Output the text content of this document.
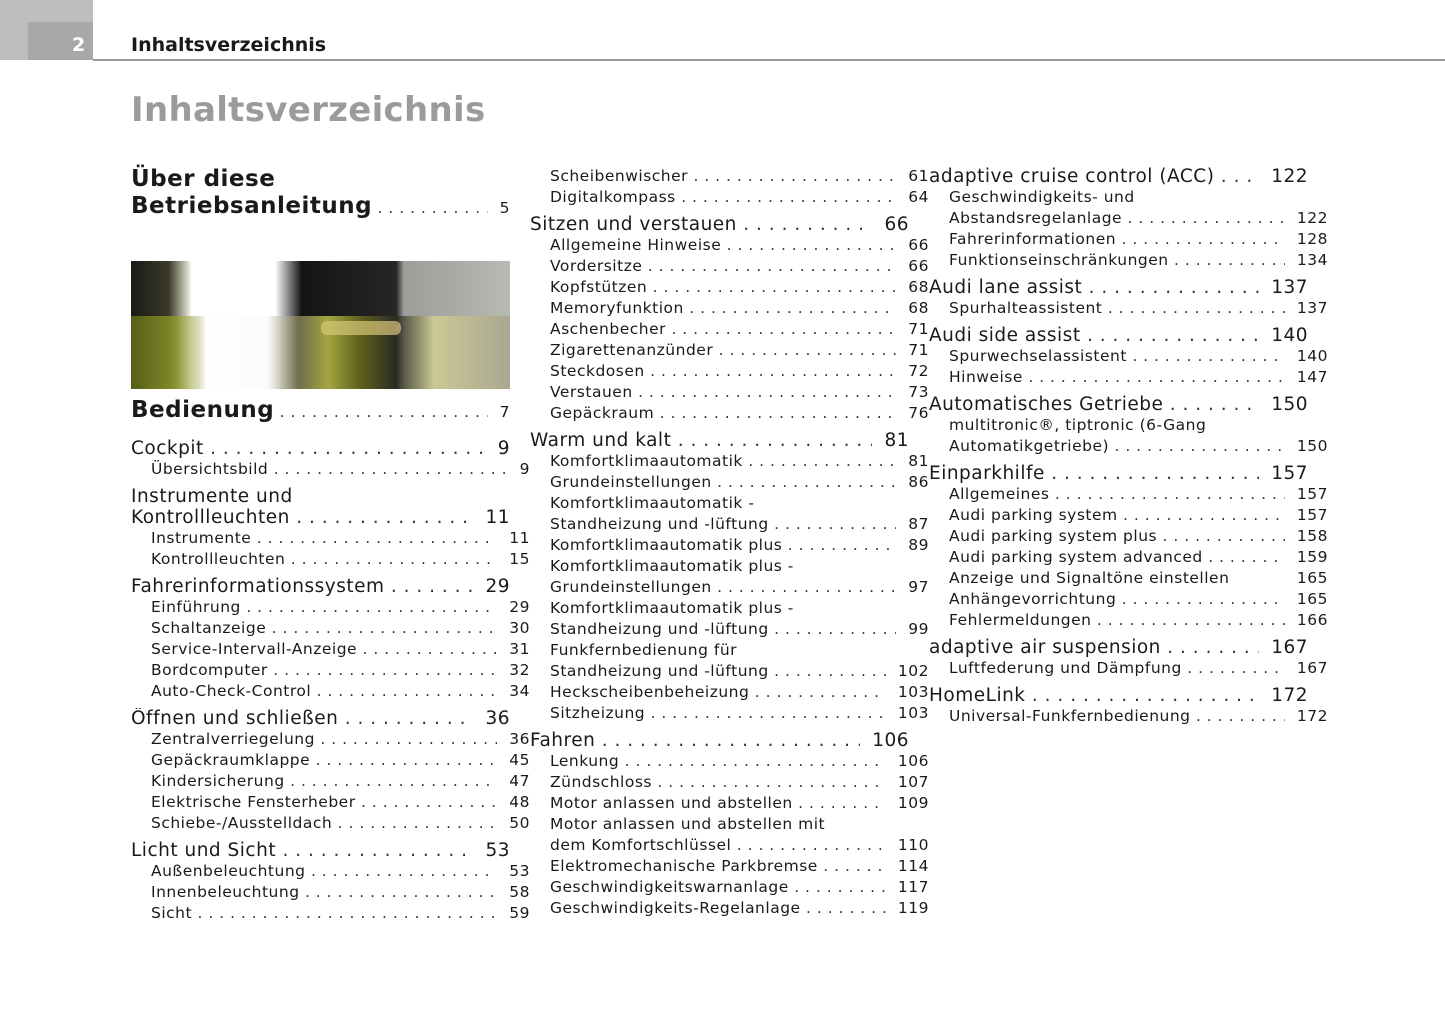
2 Inhaltsverzeichnis
Inhaltsverzeichnis
Über diese
Betriebsanleitung . . .	5
Bedienung . . .	7
Cockpit . . .	9
Übersichtsbild . . .	9
Instrumente und
Kontrollleuchten . . .	11
Instrumente . . .	11
Kontrollleuchten . . .	15
Fahrerinformationssystem . . .	29
Einführung . . .	29
Schaltanzeige . . .	30
Service-Intervall-Anzeige . . .	31
Bordcomputer . . .	32
Auto-Check-Control . . .	34
Öffnen und schließen . . .	36
Zentralverriegelung . . .	36
Gepäckraumklappe . . .	45
Kindersicherung . . .	47
Elektrische Fensterheber . . .	48
Schiebe-/Ausstelldach . . .	50
Licht und Sicht . . .	53
Außenbeleuchtung . . .	53
Innenbeleuchtung . . .	58
Sicht . . .	59
Scheibenwischer . . .	61
Digitalkompass . . .	64
Sitzen und verstauen . . .	66
Allgemeine Hinweise . . .	66
Vordersitze . . .	66
Kopfstützen . . .	68
Memoryfunktion . . .	68
Aschenbecher . . .	71
Zigarettenanzünder . . .	71
Steckdosen . . .	72
Verstauen . . .	73
Gepäckraum . . .	76
Warm und kalt . . .	81
Komfortklimaautomatik . . .	81
Grundeinstellungen . . .	86
Komfortklimaautomatik -
Standheizung und -lüftung . . .	87
Komfortklimaautomatik plus . . .	89
Komfortklimaautomatik plus -
Grundeinstellungen . . .	97
Komfortklimaautomatik plus -
Standheizung und -lüftung . . .	99
Funkfernbedienung für
Standheizung und -lüftung . . .	102
Heckscheibenbeheizung . . .	103
Sitzheizung . . .	103
Fahren . . .	106
Lenkung . . .	106
Zündschloss . . .	107
Motor anlassen und abstellen . . .	109
Motor anlassen und abstellen mit
dem Komfortschlüssel . . .	110
Elektromechanische Parkbremse . . .	114
Geschwindigkeitswarnanlage . . .	117
Geschwindigkeits-Regelanlage . . .	119
adaptive cruise control (ACC) . . .	122
Geschwindigkeits- und
Abstandsregelanlage . . .	122
Fahrerinformationen . . .	128
Funktionseinschränkungen . . .	134
Audi lane assist . . .	137
Spurhalteassistent . . .	137
Audi side assist . . .	140
Spurwechselassistent . . .	140
Hinweise . . .	147
Automatisches Getriebe . . .	150
multitronic®, tiptronic (6-Gang
Automatikgetriebe) . . .	150
Einparkhilfe . . .	157
Allgemeines . . .	157
Audi parking system . . .	157
Audi parking system plus . . .	158
Audi parking system advanced . . .	159
Anzeige und Signaltöne einstellen	165
Anhängevorrichtung . . .	165
Fehlermeldungen . . .	166
adaptive air suspension . . .	167
Luftfederung und Dämpfung . . .	167
HomeLink . . .	172
Universal-Funkfernbedienung . . .	172
